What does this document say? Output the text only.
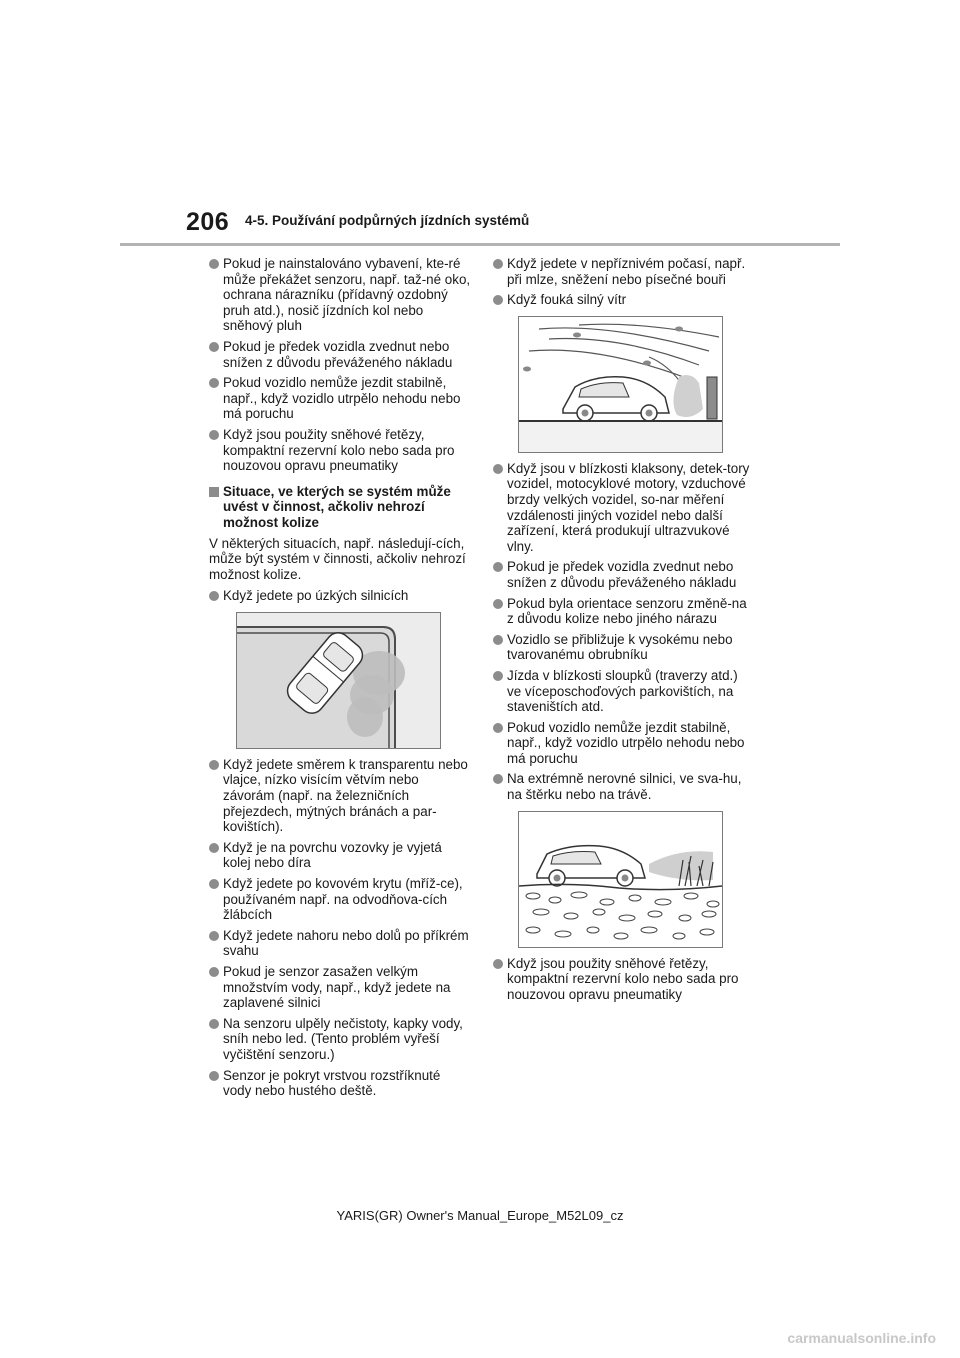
206 4-5. Používání podpůrných jízdních systémů
Pokud je nainstalováno vybavení, kte-ré může překážet senzoru, např. taž-né oko, ochrana nárazníku (přídavný ozdobný pruh atd.), nosič jízdních kol nebo sněhový pluh
Pokud je předek vozidla zvednut nebo snížen z důvodu převáženého nákladu
Pokud vozidlo nemůže jezdit stabilně, např., když vozidlo utrpělo nehodu nebo má poruchu
Když jsou použity sněhové řetězy, kompaktní rezervní kolo nebo sada pro nouzovou opravu pneumatiky
Situace, ve kterých se systém může uvést v činnost, ačkoliv nehrozí možnost kolize
V některých situacích, např. následují-cích, může být systém v činnosti, ačkoliv nehrozí možnost kolize.
Když jedete po úzkých silnicích
Když jedete směrem k transparentu nebo vlajce, nízko visícím větvím nebo závorám (např. na železničních přejezdech, mýtných bránách a par-kovištích).
Když je na povrchu vozovky je vyjetá kolej nebo díra
Když jedete po kovovém krytu (mříž-ce), používaném např. na odvodňova-cích žlábcích
Když jedete nahoru nebo dolů po příkrém svahu
Pokud je senzor zasažen velkým množstvím vody, např., když jedete na zaplavené silnici
Na senzoru ulpěly nečistoty, kapky vody, sníh nebo led. (Tento problém vyřeší vyčištění senzoru.)
Senzor je pokryt vrstvou rozstříknuté vody nebo hustého deště.
Když jedete v nepříznivém počasí, např. při mlze, sněžení nebo písečné bouři
Když fouká silný vítr
Když jsou v blízkosti klaksony, detek-tory vozidel, motocyklové motory, vzduchové brzdy velkých vozidel, so-nar měření vzdálenosti jiných vozidel nebo další zařízení, která produkují ultrazvukové vlny.
Pokud je předek vozidla zvednut nebo snížen z důvodu převáženého nákladu
Pokud byla orientace senzoru změně-na z důvodu kolize nebo jiného nárazu
Vozidlo se přibližuje k vysokému nebo tvarovanému obrubníku
Jízda v blízkosti sloupků (traverzy atd.) ve víceposchoďových parkovištích, na staveništích atd.
Pokud vozidlo nemůže jezdit stabilně, např., když vozidlo utrpělo nehodu nebo má poruchu
Na extrémně nerovné silnici, ve sva-hu, na štěrku nebo na trávě.
Když jsou použity sněhové řetězy, kompaktní rezervní kolo nebo sada pro nouzovou opravu pneumatiky
YARIS(GR) Owner's Manual_Europe_M52L09_cz
carmanualsonline.info
